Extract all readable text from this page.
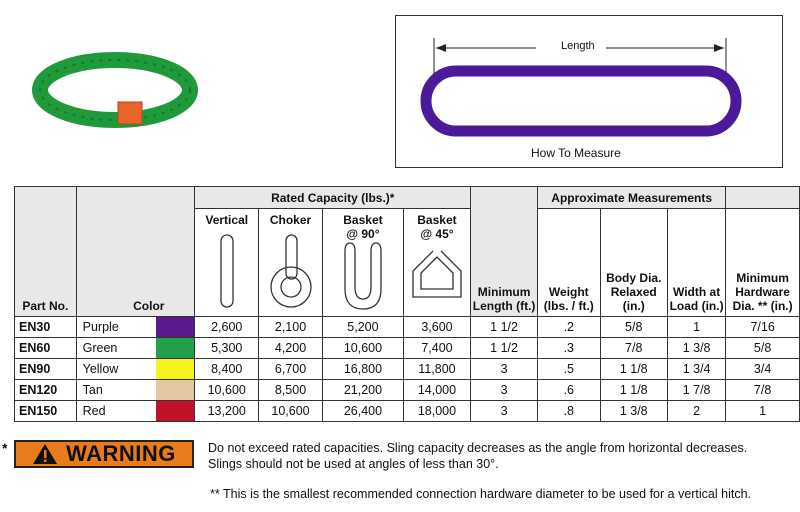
Length
How To Measure
Part No.	Color		Rated Capacity (lbs.)*				Minimum Length (ft.)	Approximate Measurements			

			Vertical	Choker	Basket @ 90°	Basket @ 45°		Weight (lbs. / ft.)	Body Dia. Relaxed (in.)	Width at Load (in.)	Minimum Hardware Dia. ** (in.)
EN30	Purple		2,600	2,100	5,200	3,600	1 1/2	.2	5/8	1	7/16
EN60	Green		5,300	4,200	10,600	7,400	1 1/2	.3	7/8	1 3/8	5/8
EN90	Yellow		8,400	6,700	16,800	11,800	3	.5	1 1/8	1 3/4	3/4
EN120	Tan		10,600	8,500	21,200	14,000	3	.6	1 1/8	1 7/8	7/8
EN150	Red		13,200	10,600	26,400	18,000	3	.8	1 3/8	2	1
*	WARNING	Do not exceed rated capacities. Sling capacity decreases as the angle from horizontal decreases.
Slings should not be used at angles of less than 30°.
** This is the smallest recommended connection hardware diameter to be used for a vertical hitch.
